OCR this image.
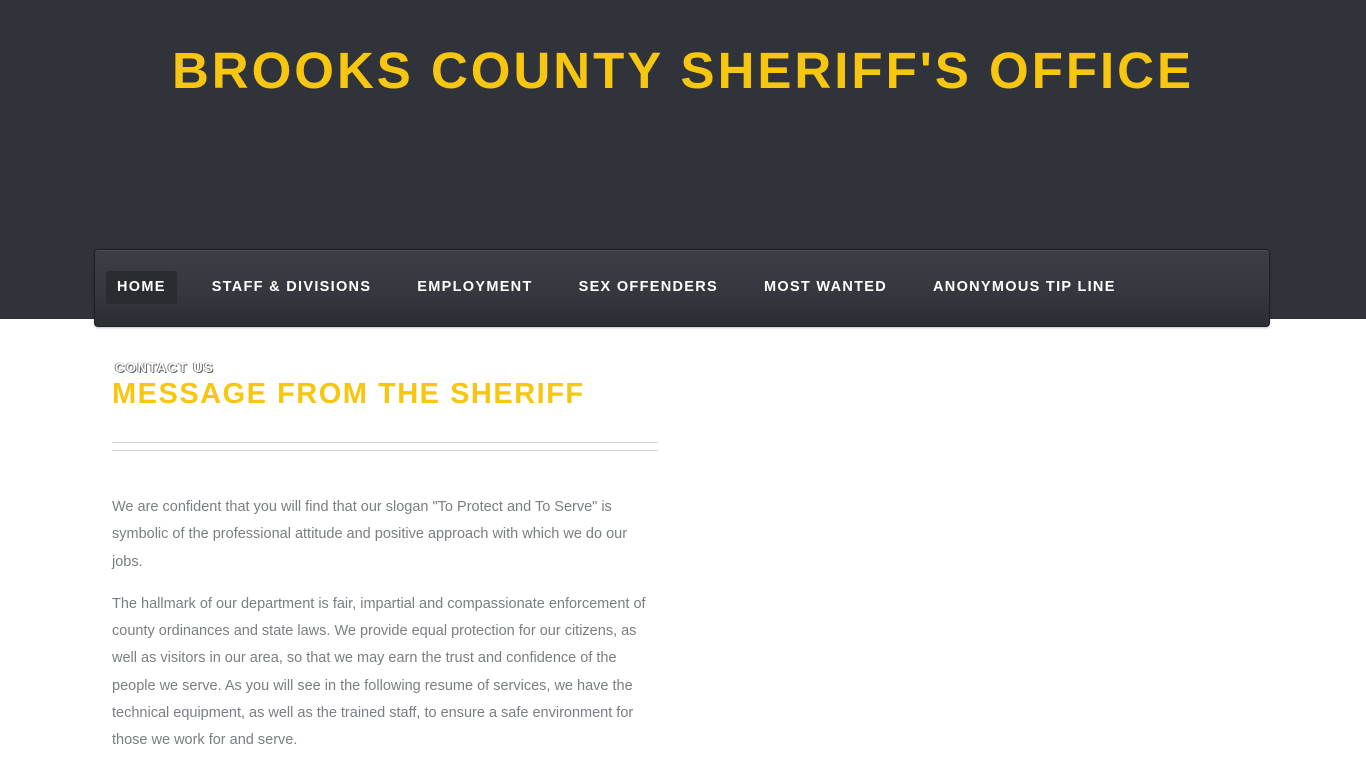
BROOKS COUNTY SHERIFF'S OFFICE
HOME	STAFF & DIVISIONS	EMPLOYMENT	SEX OFFENDERS	MOST WANTED	ANONYMOUS TIP LINE
CONTACT US
MESSAGE FROM THE SHERIFF

We are confident that you will find that our slogan "To Protect and To Serve" is symbolic of the professional attitude and positive approach with which we do our jobs.

The hallmark of our department is fair, impartial and compassionate enforcement of county ordinances and state laws. We provide equal protection for our citizens, as well as visitors in our area, so that we may earn the trust and confidence of the people we serve. As you will see in the following resume of services, we have the technical equipment, as well as the trained staff, to ensure a safe environment for those we work for and serve.
